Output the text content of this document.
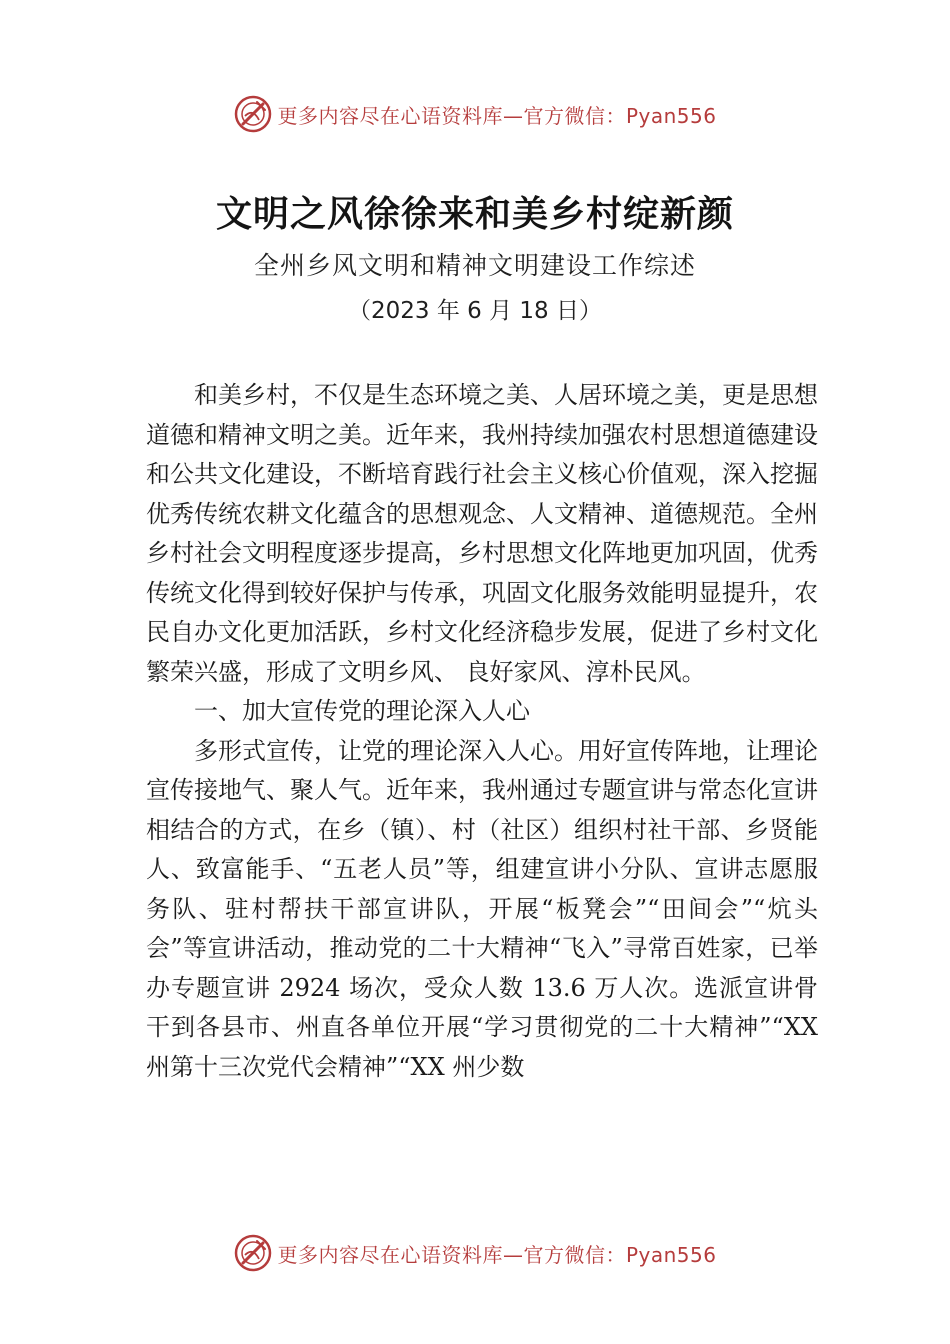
更多内容尽在心语资料库—官方微信：Pyan556
文明之风徐徐来和美乡村绽新颜
全州乡风文明和精神文明建设工作综述
（2023 年 6 月 18 日）

和美乡村，不仅是生态环境之美、人居环境之美，更是思想道德和精神文明之美。近年来，我州持续加强农村思想道德建设和公共文化建设，不断培育践行社会主义核心价值观，深入挖掘优秀传统农耕文化蕴含的思想观念、人文精神、道德规范。全州乡村社会文明程度逐步提高，乡村思想文化阵地更加巩固，优秀传统文化得到较好保护与传承，巩固文化服务效能明显提升，农民自办文化更加活跃，乡村文化经济稳步发展，促进了乡村文化繁荣兴盛，形成了文明乡风、 良好家风、淳朴民风。

一、加大宣传党的理论深入人心

多形式宣传，让党的理论深入人心。用好宣传阵地，让理论宣传接地气、聚人气。近年来，我州通过专题宣讲与常态化宣讲相结合的方式，在乡（镇）、村（社区）组织村社干部、乡贤能人、致富能手、“五老人员”等，组建宣讲小分队、宣讲志愿服务队、驻村帮扶干部宣讲队，开展“板凳会”“田间会”“炕头会”等宣讲活动，推动党的二十大精神“飞入”寻常百姓家，已举办专题宣讲 2924 场次，受众人数 13.6 万人次。选派宣讲骨干到各县市、州直各单位开展“学习贯彻党的二十大精神”“XX 州第十三次党代会精神”“XX 州少数

更多内容尽在心语资料库—官方微信：Pyan556
